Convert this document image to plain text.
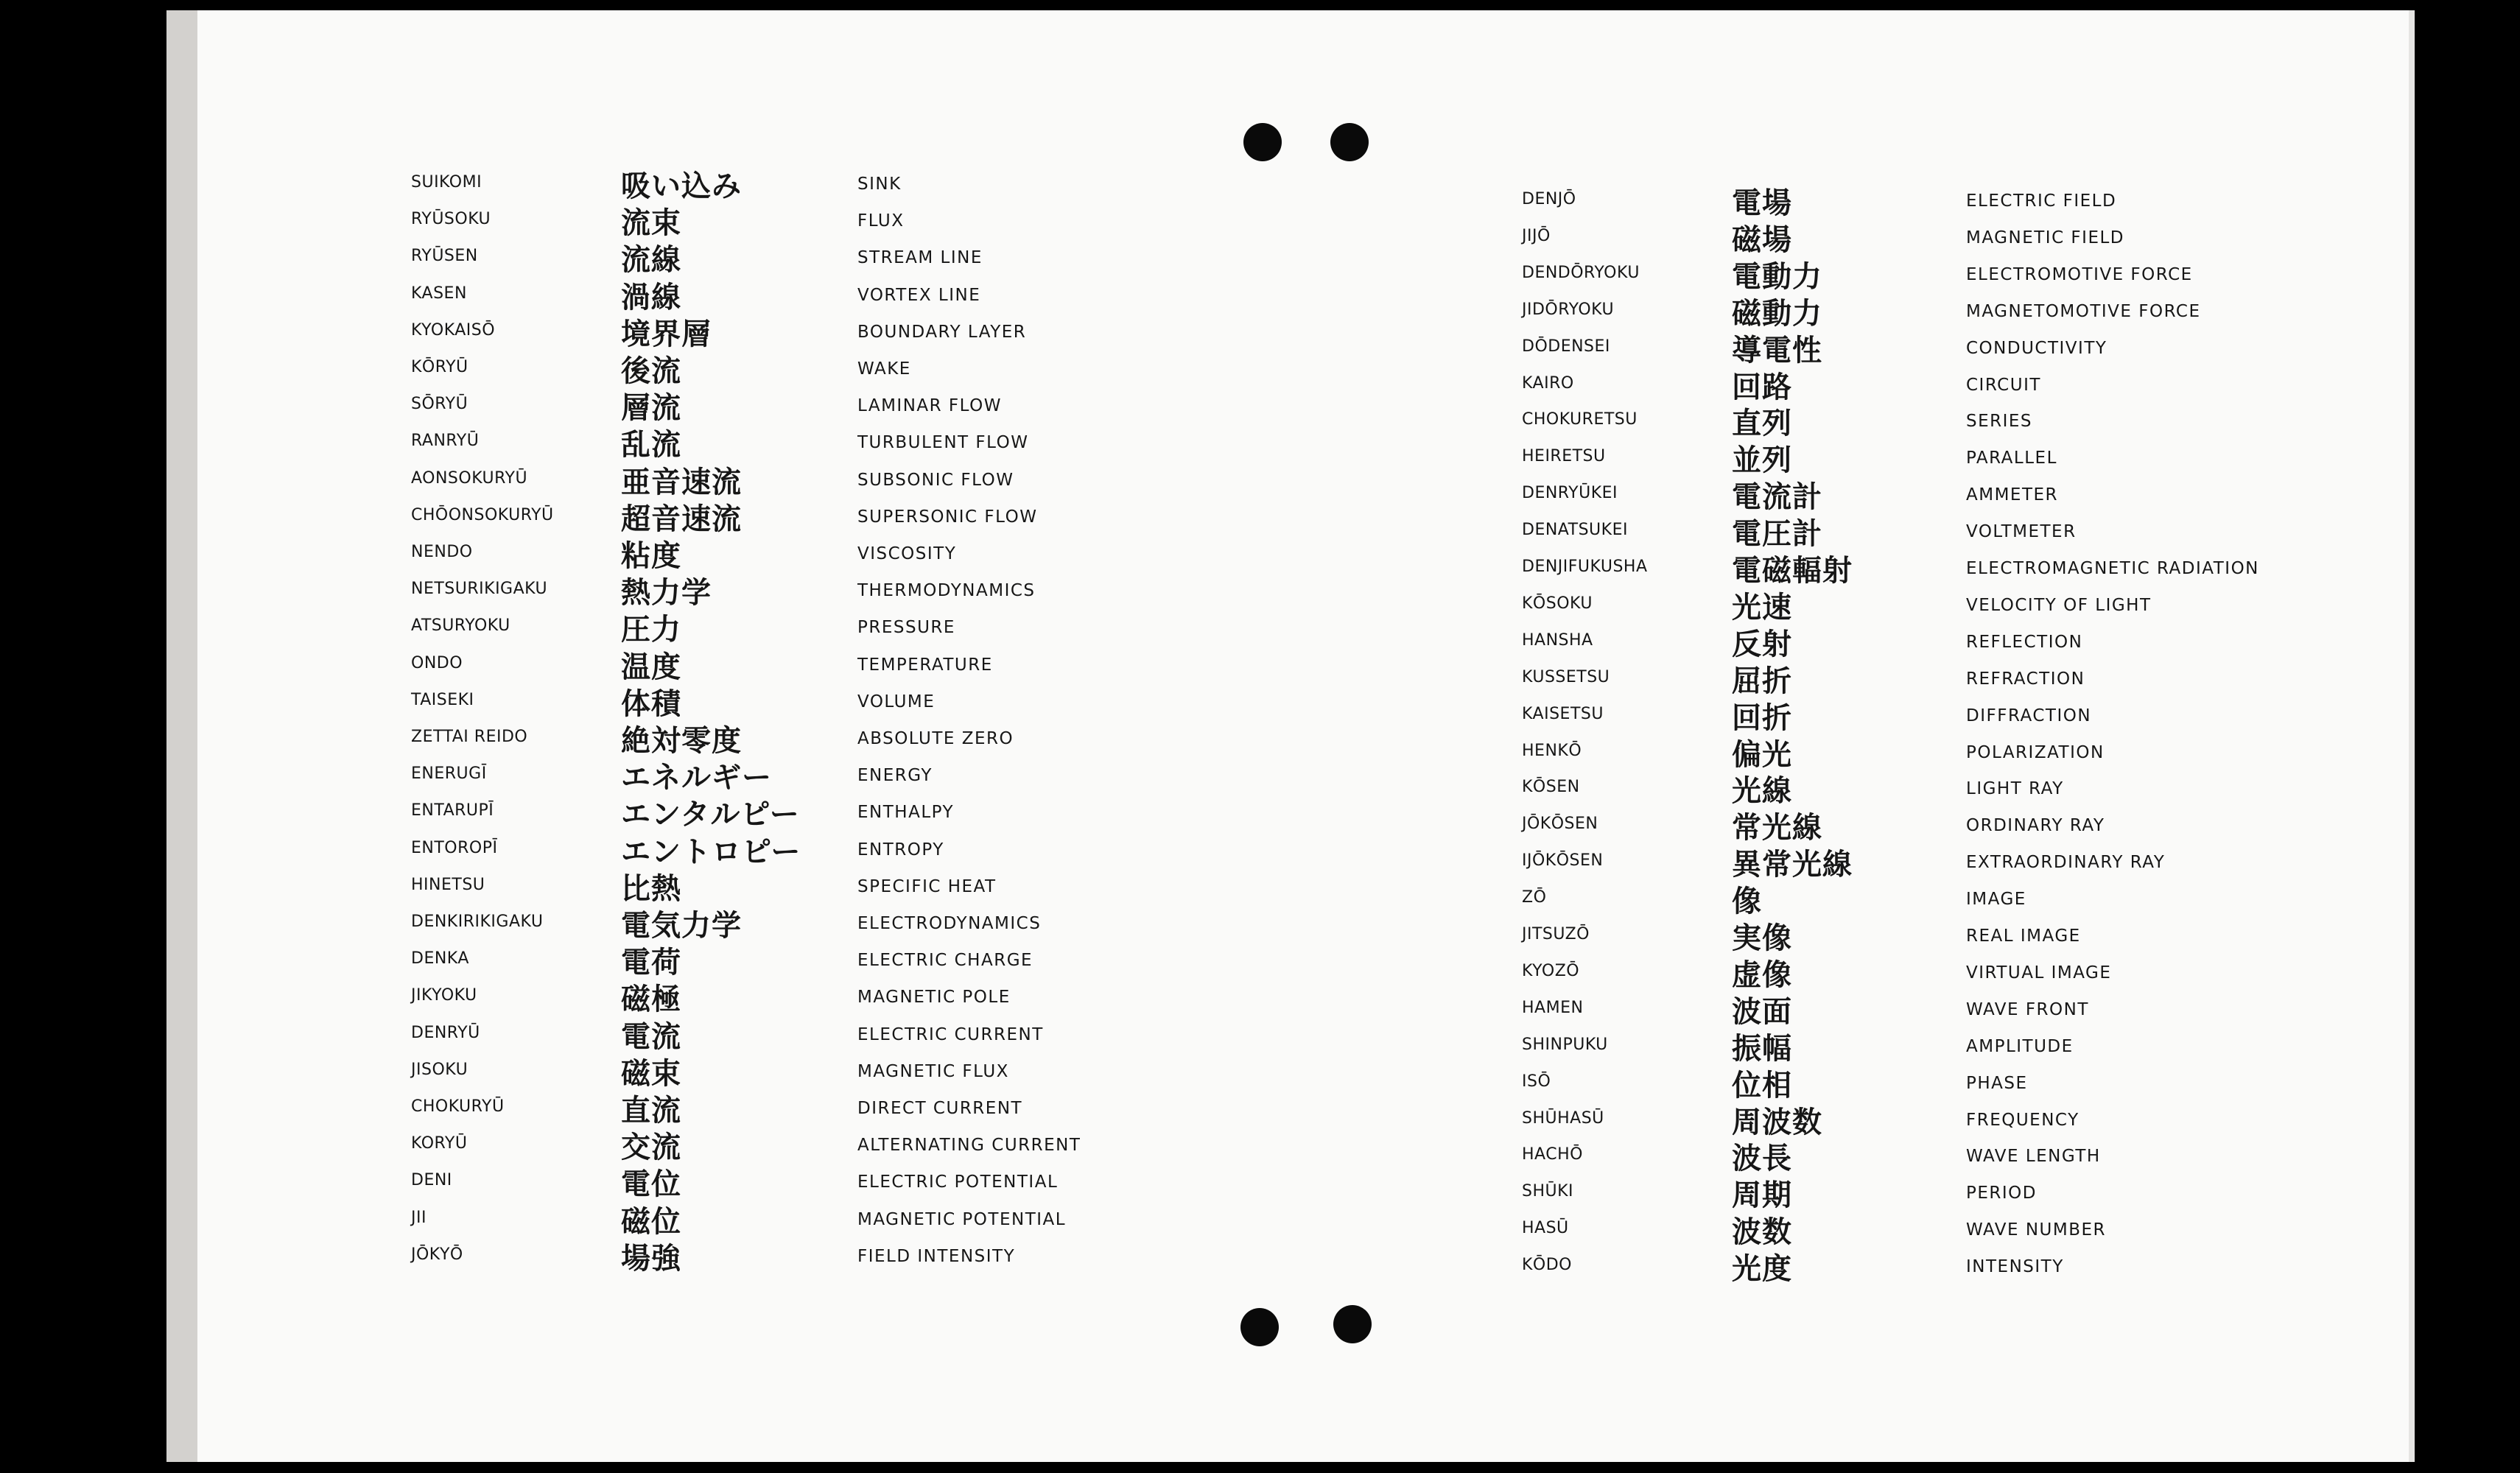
SUIKOMI	吸い込み	SINK
RYŪSOKU	流束	FLUX
RYŪSEN	流線	STREAM LINE
KASEN	渦線	VORTEX LINE
KYOKAISŌ	境界層	BOUNDARY LAYER
KŌRYŪ	後流	WAKE
SŌRYŪ	層流	LAMINAR FLOW
RANRYŪ	乱流	TURBULENT FLOW
AONSOKURYŪ	亜音速流	SUBSONIC FLOW
CHŌONSOKURYŪ 超音速流	SUPERSONIC FLOW
NENDO	粘度	VISCOSITY
NETSURIKIGAKU 熱力学	THERMODYNAMICS
ATSURYOKU	圧力	PRESSURE
ONDO	温度	TEMPERATURE
TAISEKI	体積	VOLUME
ZETTAI REIDO	絶対零度	ABSOLUTE ZERO
ENERUGĪ	エネルギー	ENERGY
ENTARUPĪ	エンタルピー	ENTHALPY
ENTOROPĪ	エントロピー	ENTROPY
HINETSU	比熱	SPECIFIC HEAT
DENKIRIKIGAKU	電気力学	ELECTRODYNAMICS
DENKA	電荷	ELECTRIC CHARGE
JIKYOKU	磁極	MAGNETIC POLE
DENRYŪ	電流	ELECTRIC CURRENT
JISOKU	磁束	MAGNETIC FLUX
CHOKURYŪ	直流	DIRECT CURRENT
KORYŪ	交流	ALTERNATING CURRENT
DENI	電位	ELECTRIC POTENTIAL
JII	磁位	MAGNETIC POTENTIAL
JŌKYŌ	場強	FIELD INTENSITY
DENJŌ	電場	ELECTRIC FIELD
JIJŌ	磁場	MAGNETIC FIELD
DENDŌRYOKU	電動力	ELECTROMOTIVE FORCE
JIDŌRYOKU	磁動力	MAGNETOMOTIVE FORCE
DŌDENSEI	導電性	CONDUCTIVITY
KAIRO	回路	CIRCUIT
CHOKURETSU	直列	SERIES
HEIRETSU	並列	PARALLEL
DENRYŪKEI	電流計	AMMETER
DENATSUKEI	電圧計	VOLTMETER
DENJIFUKUSHA	電磁輻射	ELECTROMAGNETIC RADIATION
KŌSOKU	光速	VELOCITY OF LIGHT
HANSHA	反射	REFLECTION
KUSSETSU	屈折	REFRACTION
KAISETSU	回折	DIFFRACTION
HENKŌ	偏光	POLARIZATION
KŌSEN	光線	LIGHT RAY
JŌKŌSEN	常光線	ORDINARY RAY
IJŌKŌSEN	異常光線	EXTRAORDINARY RAY
ZŌ	像	IMAGE
JITSUZŌ	実像	REAL IMAGE
KYOZŌ	虚像	VIRTUAL IMAGE
HAMEN	波面	WAVE FRONT
SHINPUKU	振幅	AMPLITUDE
ISŌ	位相	PHASE
SHŪHASŪ	周波数	FREQUENCY
HACHŌ	波長	WAVE LENGTH
SHŪKI	周期	PERIOD
HASŪ	波数	WAVE NUMBER
KŌDO	光度	INTENSITY
